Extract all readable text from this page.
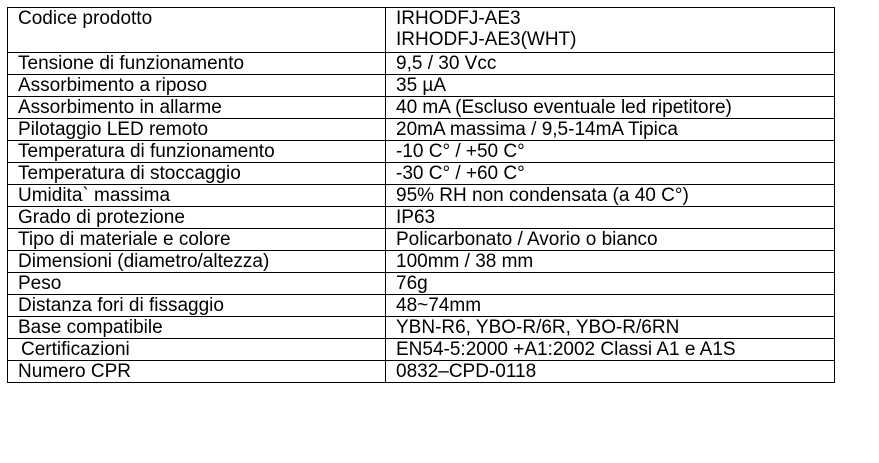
Codice prodotto	IRHODFJ-AE3
IRHODFJ-AE3(WHT)

Tensione di funzionamento	9,5 / 30 Vcc
Assorbimento a riposo	35 µA
Assorbimento in allarme	40 mA (Escluso eventuale led ripetitore)
Pilotaggio LED remoto	20mA massima / 9,5-14mA Tipica
Temperatura di funzionamento	-10 C° / +50 C°
Temperatura di stoccaggio	-30 C° / +60 C°
Umidita` massima	95% RH non condensata (a 40 C°)
Grado di protezione	IP63
Tipo di materiale e colore	Policarbonato / Avorio o bianco
Dimensioni (diametro/altezza)	100mm / 38 mm
Peso	76g
Distanza fori di fissaggio	48~74mm
Base compatibile	YBN-R6, YBO-R/6R, YBO-R/6RN
Certificazioni	EN54-5:2000 +A1:2002 Classi A1 e A1S
Numero CPR	0832–CPD-0118
